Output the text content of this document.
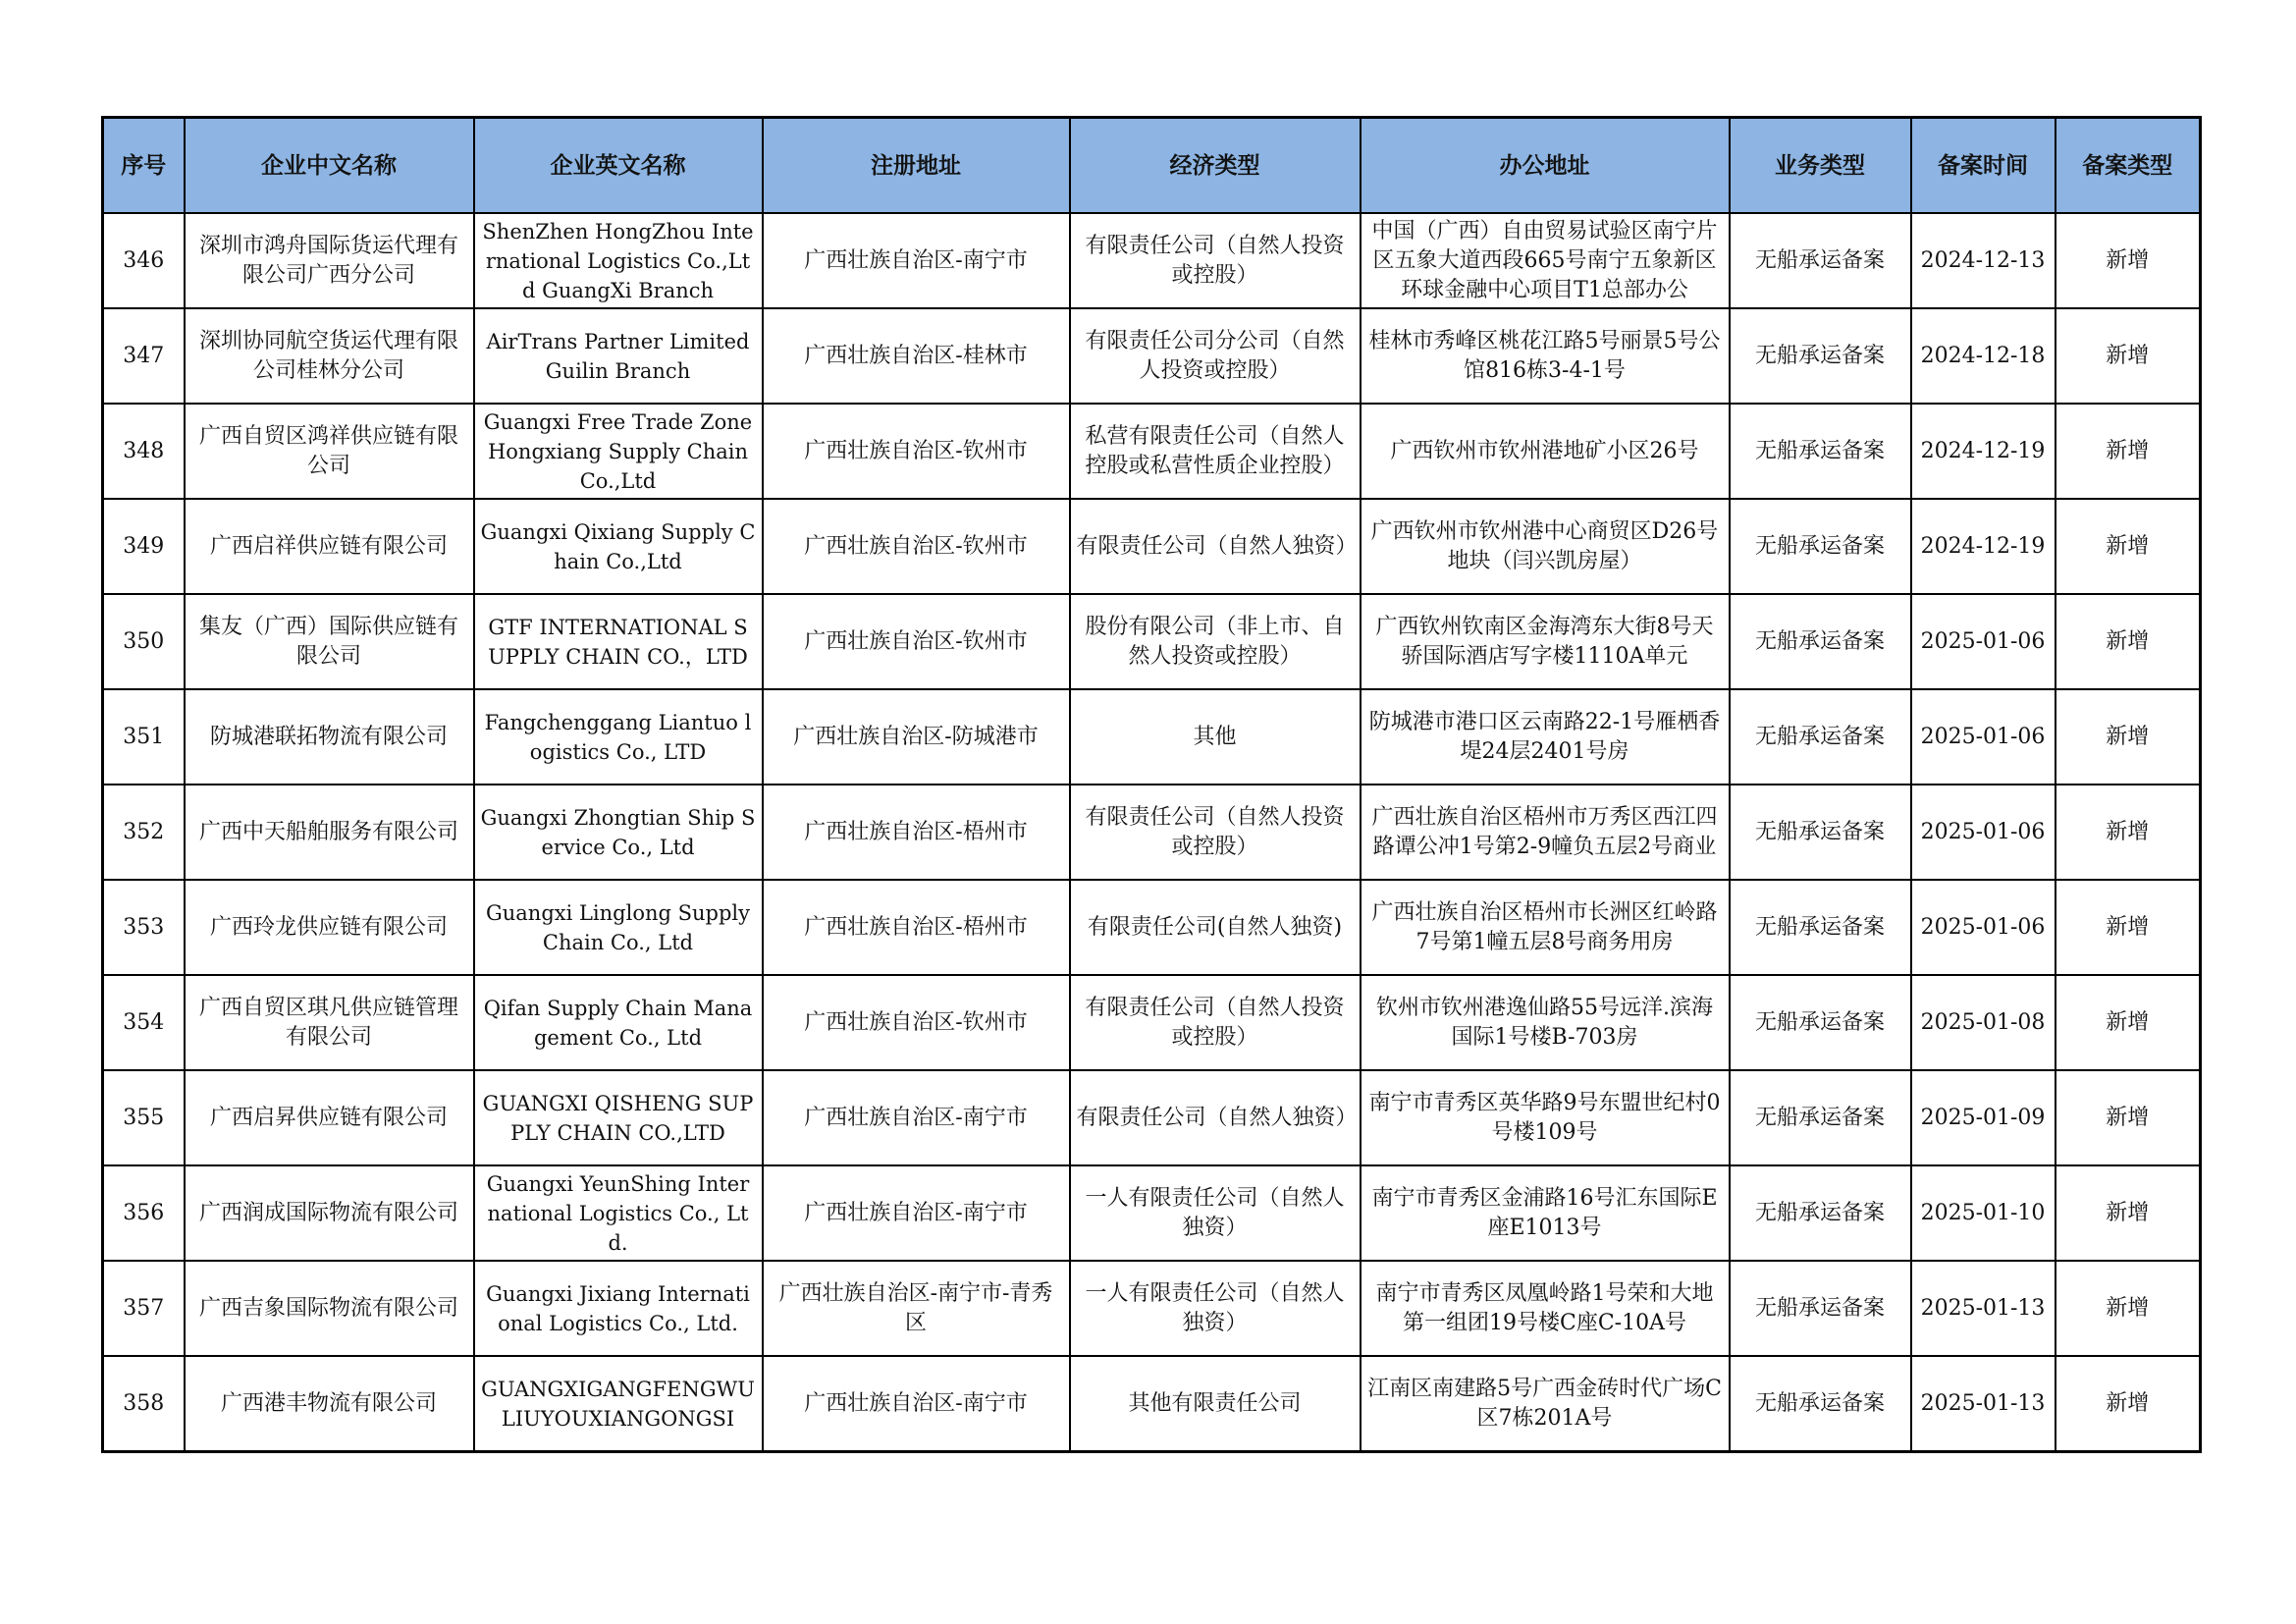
序号	企业中文名称	企业英文名称	注册地址	经济类型	办公地址	业务类型	备案时间	备案类型
346	深圳市鸿舟国际货运代理有限公司广西分公司	ShenZhen HongZhou International Logistics Co.,Ltd GuangXi Branch	广西壮族自治区-南宁市	有限责任公司（自然人投资或控股）	中国（广西）自由贸易试验区南宁片区五象大道西段665号南宁五象新区环球金融中心项目T1总部办公	无船承运备案	2024-12-13	新增
347	深圳协同航空货运代理有限公司桂林分公司	AirTrans Partner Limited Guilin Branch	广西壮族自治区-桂林市	有限责任公司分公司（自然人投资或控股）	桂林市秀峰区桃花江路5号丽景5号公馆816栋3-4-1号	无船承运备案	2024-12-18	新增
348	广西自贸区鸿祥供应链有限公司	Guangxi Free Trade Zone Hongxiang Supply Chain Co.,Ltd	广西壮族自治区-钦州市	私营有限责任公司（自然人控股或私营性质企业控股）	广西钦州市钦州港地矿小区26号	无船承运备案	2024-12-19	新增
349	广西启祥供应链有限公司	Guangxi Qixiang Supply Chain Co.,Ltd	广西壮族自治区-钦州市	有限责任公司（自然人独资）	广西钦州市钦州港中心商贸区D26号地块（闫兴凯房屋）	无船承运备案	2024-12-19	新增
350	集友（广西）国际供应链有限公司	GTF INTERNATIONAL SUPPLY CHAIN CO.，LTD	广西壮族自治区-钦州市	股份有限公司（非上市、自然人投资或控股）	广西钦州钦南区金海湾东大街8号天骄国际酒店写字楼1110A单元	无船承运备案	2025-01-06	新增
351	防城港联拓物流有限公司	Fangchenggang Liantuo logistics Co., LTD	广西壮族自治区-防城港市	其他	防城港市港口区云南路22-1号雁栖香堤24层2401号房	无船承运备案	2025-01-06	新增
352	广西中天船舶服务有限公司	Guangxi Zhongtian Ship Service Co., Ltd	广西壮族自治区-梧州市	有限责任公司（自然人投资或控股）	广西壮族自治区梧州市万秀区西江四路谭公冲1号第2-9幢负五层2号商业	无船承运备案	2025-01-06	新增
353	广西玲龙供应链有限公司	Guangxi Linglong Supply Chain Co., Ltd	广西壮族自治区-梧州市	有限责任公司(自然人独资)	广西壮族自治区梧州市长洲区红岭路7号第1幢五层8号商务用房	无船承运备案	2025-01-06	新增
354	广西自贸区琪凡供应链管理有限公司	Qifan Supply Chain Management Co., Ltd	广西壮族自治区-钦州市	有限责任公司（自然人投资或控股）	钦州市钦州港逸仙路55号远洋.滨海国际1号楼B-703房	无船承运备案	2025-01-08	新增
355	广西启昇供应链有限公司	GUANGXI QISHENG SUPPLY CHAIN CO.,LTD	广西壮族自治区-南宁市	有限责任公司（自然人独资）	南宁市青秀区英华路9号东盟世纪村0号楼109号	无船承运备案	2025-01-09	新增
356	广西润成国际物流有限公司	Guangxi YeunShing International Logistics Co., Ltd.	广西壮族自治区-南宁市	一人有限责任公司（自然人独资）	南宁市青秀区金浦路16号汇东国际E座E1013号	无船承运备案	2025-01-10	新增
357	广西吉象国际物流有限公司	Guangxi Jixiang International Logistics Co., Ltd.	广西壮族自治区-南宁市-青秀区	一人有限责任公司（自然人独资）	南宁市青秀区凤凰岭路1号荣和大地第一组团19号楼C座C-10A号	无船承运备案	2025-01-13	新增
358	广西港丰物流有限公司	GUANGXIGANGFENGWULIUYOUXIANGONGSI	广西壮族自治区-南宁市	其他有限责任公司	江南区南建路5号广西金砖时代广场C区7栋201A号	无船承运备案	2025-01-13	新增
